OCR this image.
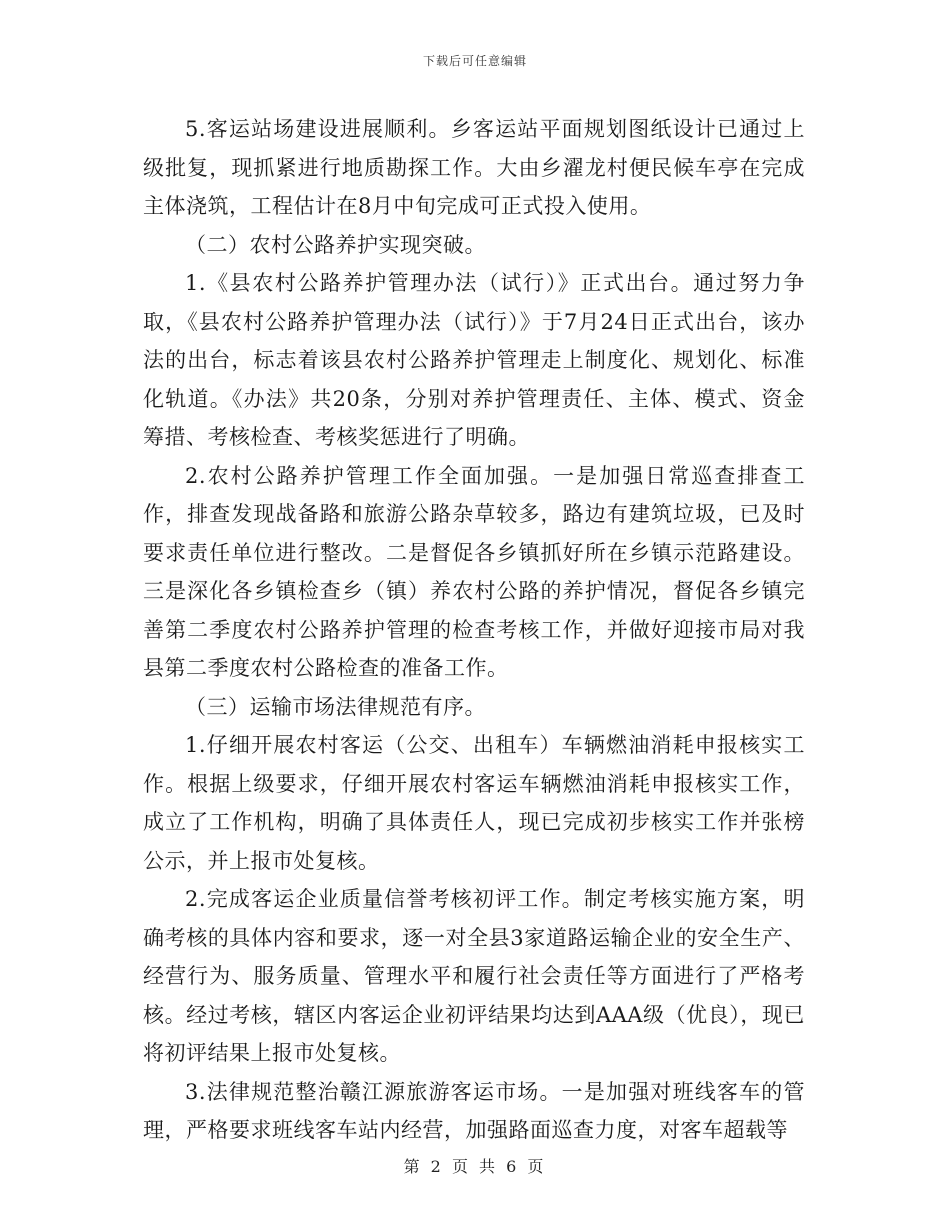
下载后可任意编辑

5.客运站场建设进展顺利。乡客运站平面规划图纸设计已通过上级批复，现抓紧进行地质勘探工作。大由乡濯龙村便民候车亭在完成主体浇筑，工程估计在8月中旬完成可正式投入使用。

（二）农村公路养护实现突破。

1.《县农村公路养护管理办法（试行）》正式出台。通过努力争取，《县农村公路养护管理办法（试行）》于7月24日正式出台，该办法的出台，标志着该县农村公路养护管理走上制度化、规划化、标准化轨道。《办法》共20条，分别对养护管理责任、主体、模式、资金筹措、考核检查、考核奖惩进行了明确。

2.农村公路养护管理工作全面加强。一是加强日常巡查排查工作，排查发现战备路和旅游公路杂草较多，路边有建筑垃圾，已及时要求责任单位进行整改。二是督促各乡镇抓好所在乡镇示范路建设。三是深化各乡镇检查乡（镇）养农村公路的养护情况，督促各乡镇完善第二季度农村公路养护管理的检查考核工作，并做好迎接市局对我县第二季度农村公路检查的准备工作。

（三）运输市场法律规范有序。

1.仔细开展农村客运（公交、出租车）车辆燃油消耗申报核实工作。根据上级要求，仔细开展农村客运车辆燃油消耗申报核实工作，成立了工作机构，明确了具体责任人，现已完成初步核实工作并张榜公示，并上报市处复核。

2.完成客运企业质量信誉考核初评工作。制定考核实施方案，明确考核的具体内容和要求，逐一对全县3家道路运输企业的安全生产、经营行为、服务质量、管理水平和履行社会责任等方面进行了严格考核。经过考核，辖区内客运企业初评结果均达到AAA级（优良），现已将初评结果上报市处复核。

3.法律规范整治赣江源旅游客运市场。一是加强对班线客车的管理，严格要求班线客车站内经营，加强路面巡查力度，对客车超载等

第 2 页 共 6 页
